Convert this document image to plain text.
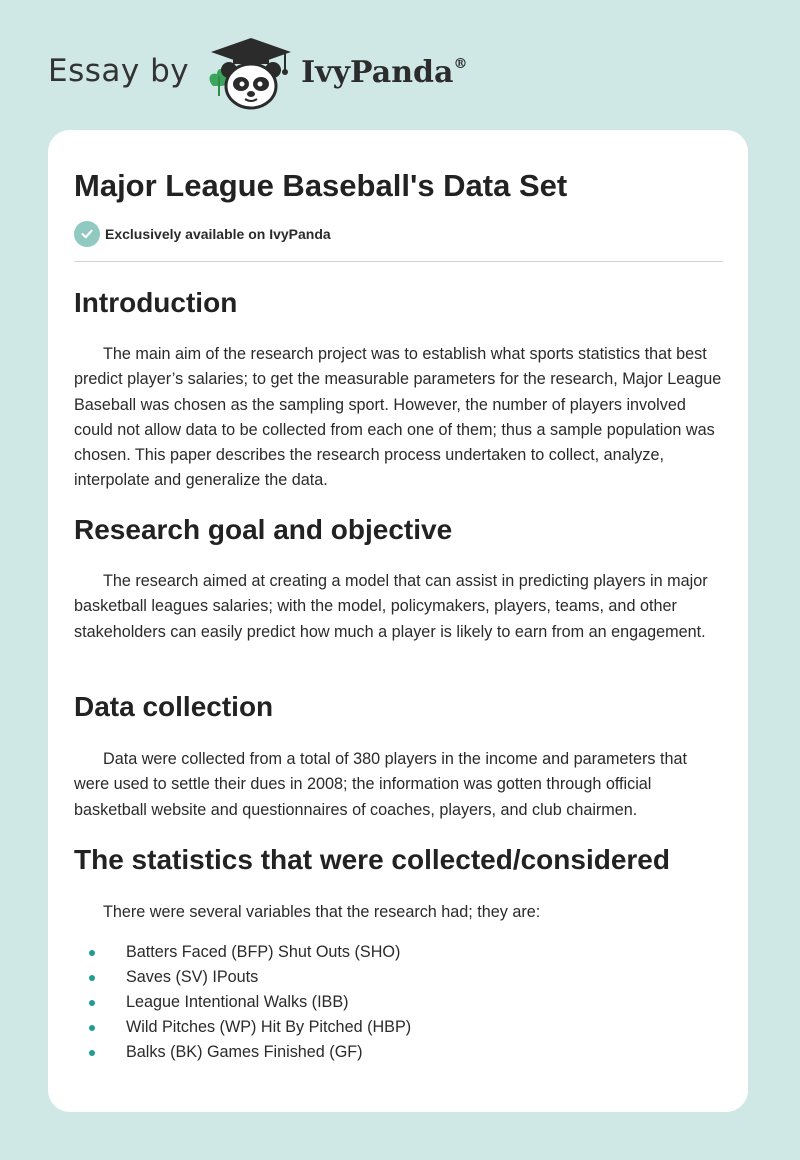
Essay by	IvyPanda®
Major League Baseball's Data Set
Exclusively available on IvyPanda
Introduction

The main aim of the research project was to establish what sports statistics that best predict player’s salaries; to get the measurable parameters for the research, Major League Baseball was chosen as the sampling sport. However, the number of players involved could not allow data to be collected from each one of them; thus a sample population was chosen. This paper describes the research process undertaken to collect, analyze, interpolate and generalize the data.

Research goal and objective

The research aimed at creating a model that can assist in predicting players in major basketball leagues salaries; with the model, policymakers, players, teams, and other stakeholders can easily predict how much a player is likely to earn from an engagement.

Data collection

Data were collected from a total of 380 players in the income and parameters that were used to settle their dues in 2008; the information was gotten through official basketball website and questionnaires of coaches, players, and club chairmen.

The statistics that were collected/considered

There were several variables that the research had; they are:

Batters Faced (BFP) Shut Outs (SHO)
Saves (SV) IPouts
League Intentional Walks (IBB)
Wild Pitches (WP) Hit By Pitched (HBP)
Balks (BK) Games Finished (GF)
